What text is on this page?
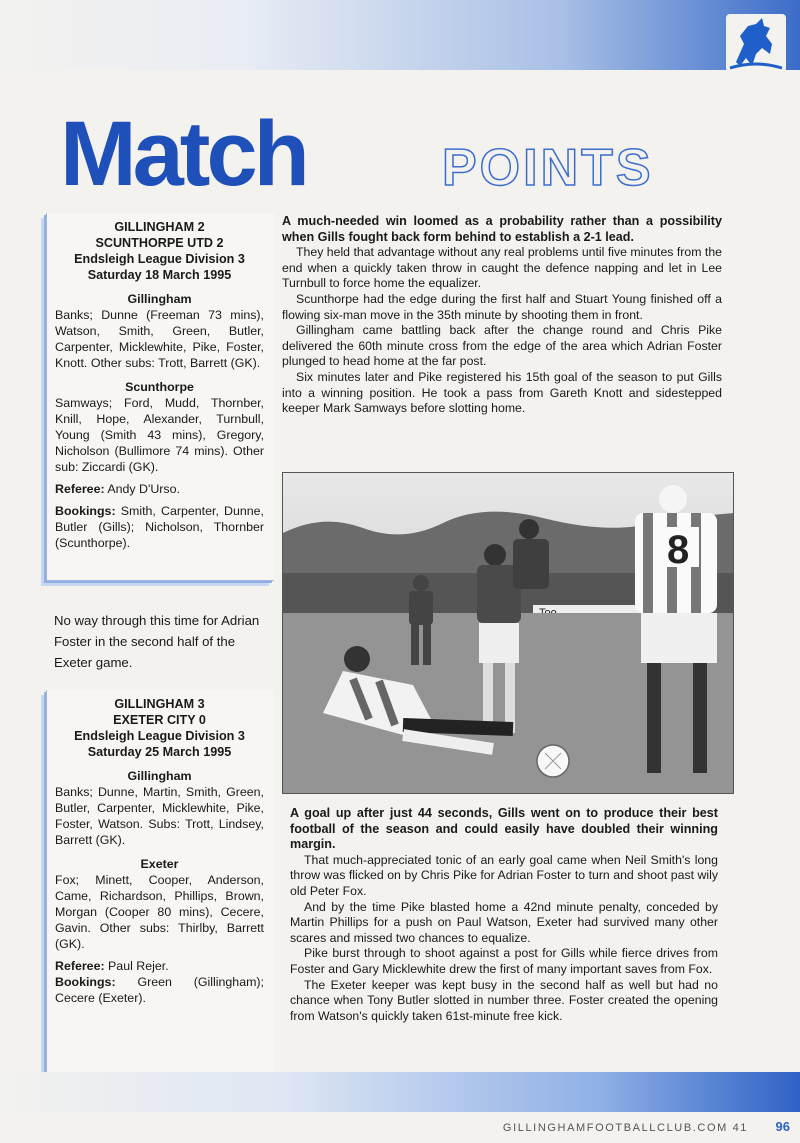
Match	POINTS
GILLINGHAM 2
SCUNTHORPE UTD 2
Endsleigh League Division 3
Saturday 18 March 1995
Gillingham
Banks; Dunne (Freeman 73 mins), Watson, Smith, Green, Butler, Carpenter, Micklewhite, Pike, Foster, Knott. Other subs: Trott, Barrett (GK).
Scunthorpe
Samways; Ford, Mudd, Thornber, Knill, Hope, Alexander, Turnbull, Young (Smith 43 mins), Gregory, Nicholson (Bullimore 74 mins). Other sub: Ziccardi (GK).
Referee: Andy D'Urso.
Bookings: Smith, Carpenter, Dunne, Butler (Gills); Nicholson, Thornber (Scunthorpe).
No way through this time for Adrian Foster in the second half of the Exeter game.
GILLINGHAM 3
EXETER CITY 0
Endsleigh League Division 3
Saturday 25 March 1995
Gillingham
Banks; Dunne, Martin, Smith, Green, Butler, Carpenter, Micklewhite, Pike, Foster, Watson. Subs: Trott, Lindsey, Barrett (GK).
Exeter
Fox; Minett, Cooper, Anderson, Came, Richardson, Phillips, Brown, Morgan (Cooper 80 mins), Cecere, Gavin. Other subs: Thirlby, Barrett (GK).
Referee: Paul Rejer.
Bookings: Green (Gillingham); Cecere (Exeter).

A much-needed win loomed as a probability rather than a possibility when Gills fought back form behind to establish a 2-1 lead.

They held that advantage without any real problems until five minutes from the end when a quickly taken throw in caught the defence napping and let in Lee Turnbull to force home the equalizer.

Scunthorpe had the edge during the first half and Stuart Young finished off a flowing six-man move in the 35th minute by shooting them in front.

Gillingham came battling back after the change round and Chris Pike delivered the 60th minute cross from the edge of the area which Adrian Foster plunged to head home at the far post.

Six minutes later and Pike registered his 15th goal of the season to put Gills into a winning position. He took a pass from Gareth Knott and sidestepped keeper Mark Samways before slotting home.

8

A goal up after just 44 seconds, Gills went on to produce their best football of the season and could easily have doubled their winning margin.

That much-appreciated tonic of an early goal came when Neil Smith's long throw was flicked on by Chris Pike for Adrian Foster to turn and shoot past wily old Peter Fox.

And by the time Pike blasted home a 42nd minute penalty, conceded by Martin Phillips for a push on Paul Watson, Exeter had survived many other scares and missed two chances to equalize.

Pike burst through to shoot against a post for Gills while fierce drives from Foster and Gary Micklewhite drew the first of many important saves from Fox.

The Exeter keeper was kept busy in the second half as well but had no chance when Tony Butler slotted in number three. Foster created the opening from Watson's quickly taken 61st-minute free kick.

GILLINGHAMFOOTBALLCLUB.COM 41 96
